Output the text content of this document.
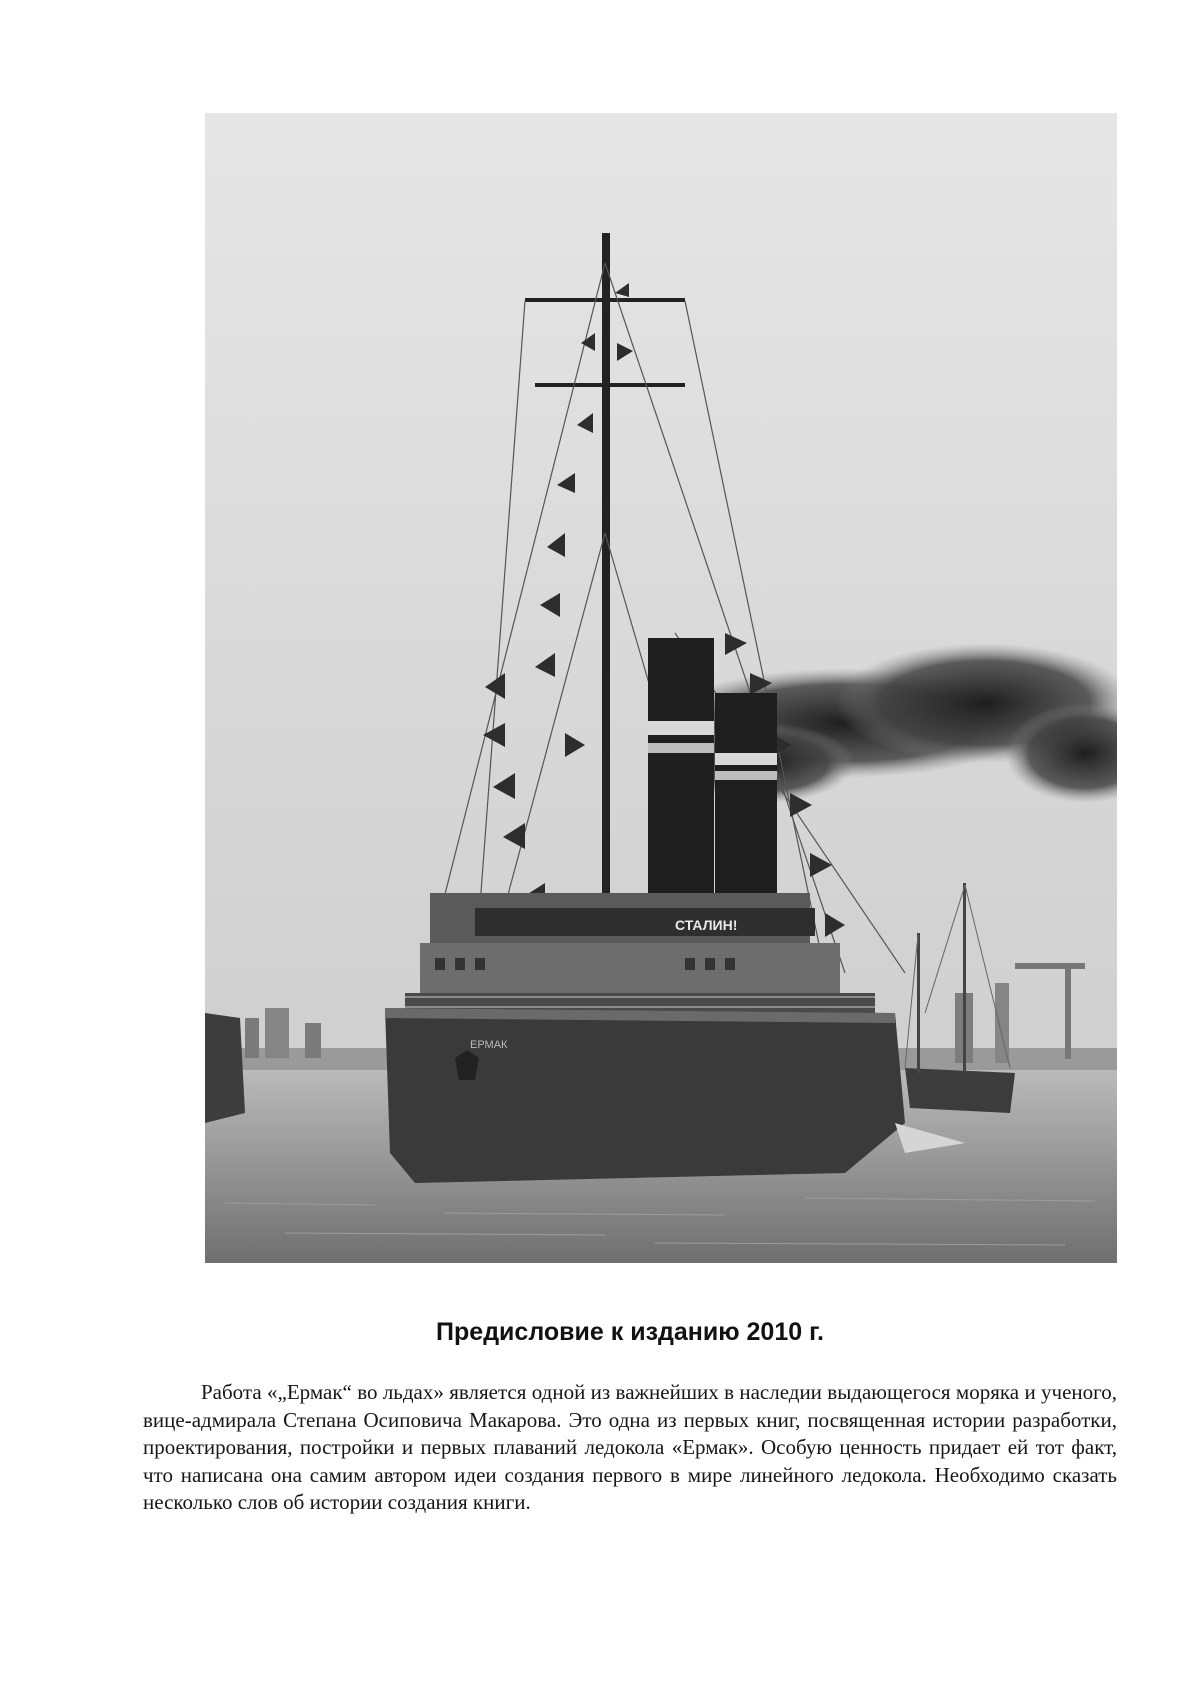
СТАЛИН!
ЕРМАК
Предисловие к изданию 2010 г.

Работа «„Ермак“ во льдах» является одной из важнейших в наследии выдающегося моряка и ученого, вице-адмирала Степана Осиповича Макарова. Это одна из первых книг, посвященная истории разработки, проектирования, постройки и первых плаваний ледокола «Ермак». Особую ценность придает ей тот факт, что написана она самим автором идеи создания первого в мире линейного ледокола. Необходимо сказать несколько слов об истории создания книги.
